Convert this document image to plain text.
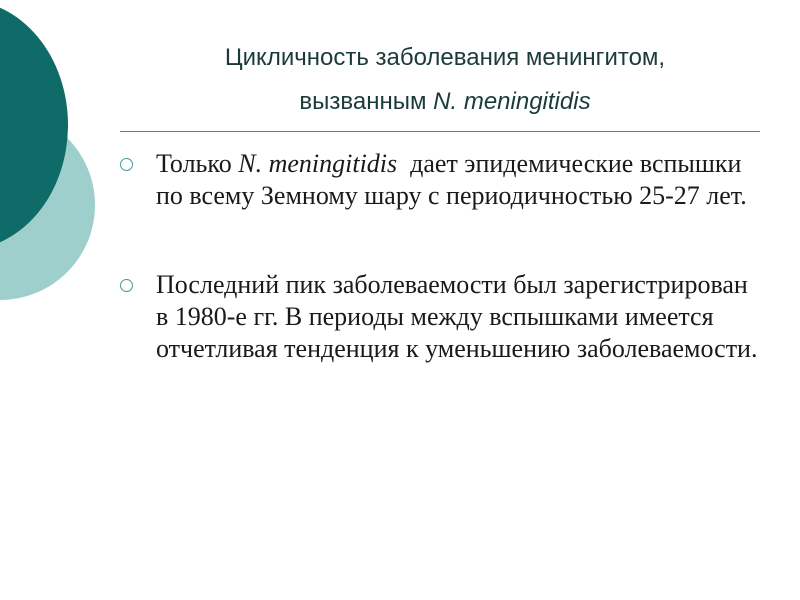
Цикличность заболевания менингитом,
вызванным N. meningitidis
Только N. meningitidis  дает эпидемические вспышки по всему Земному шару с периодичностью 25-27 лет.
Последний пик заболеваемости был зарегистрирован в 1980-е гг. В периоды между вспышками имеется отчетливая тенденция к уменьшению заболеваемости.
